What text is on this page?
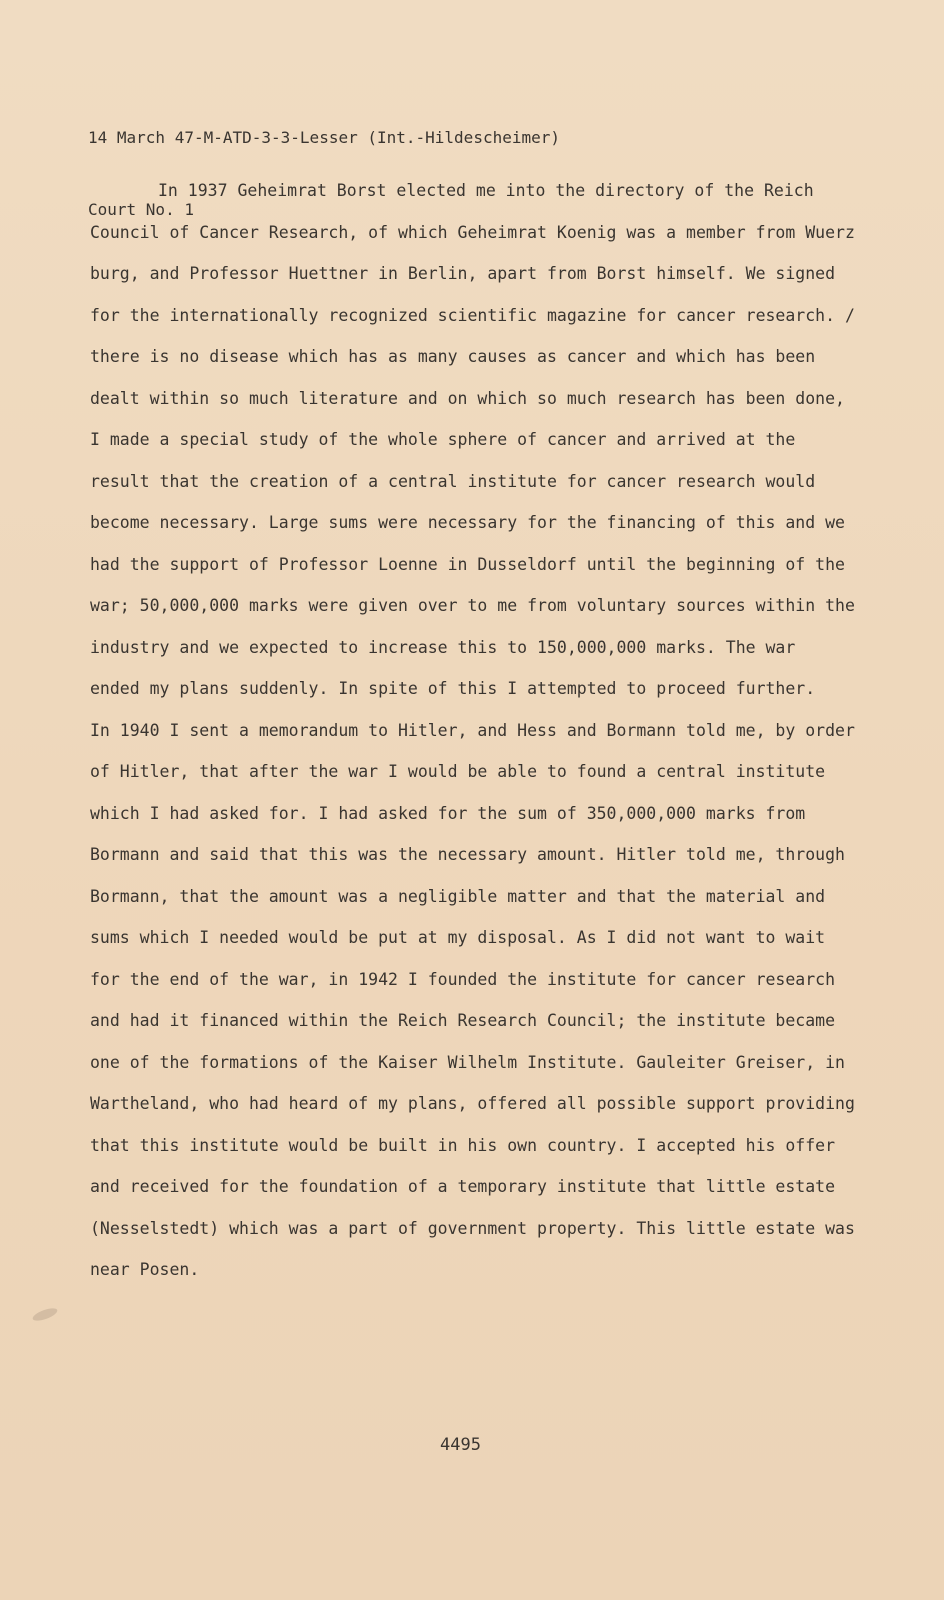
14 March 47-M-ATD-3-3-Lesser (Int.-Hildescheimer)

Court No. 1

In 1937 Geheimrat Borst elected me into the directory of the Reich
Council of Cancer Research, of which Geheimrat Koenig was a member from Wuerz
burg, and Professor Huettner in Berlin, apart from Borst himself. We signed
for the internationally recognized scientific magazine for cancer research. /
there is no disease which has as many causes as cancer and which has been
dealt within so much literature and on which so much research has been done,
I made a special study of the whole sphere of cancer and arrived at the
result that the creation of a central institute for cancer research would
become necessary. Large sums were necessary for the financing of this and we
had the support of Professor Loenne in Dusseldorf until the beginning of the
war; 50,000,000 marks were given over to me from voluntary sources within the
industry and we expected to increase this to 150,000,000 marks. The war
ended my plans suddenly. In spite of this I attempted to proceed further.
In 1940 I sent a memorandum to Hitler, and Hess and Bormann told me, by order
of Hitler, that after the war I would be able to found a central institute
which I had asked for. I had asked for the sum of 350,000,000 marks from
Bormann and said that this was the necessary amount. Hitler told me, through
Bormann, that the amount was a negligible matter and that the material and
sums which I needed would be put at my disposal. As I did not want to wait
for the end of the war, in 1942 I founded the institute for cancer research
and had it financed within the Reich Research Council; the institute became
one of the formations of the Kaiser Wilhelm Institute. Gauleiter Greiser, in
Wartheland, who had heard of my plans, offered all possible support providing
that this institute would be built in his own country. I accepted his offer
and received for the foundation of a temporary institute that little estate
(Nesselstedt) which was a part of government property. This little estate was
near Posen.
4495
